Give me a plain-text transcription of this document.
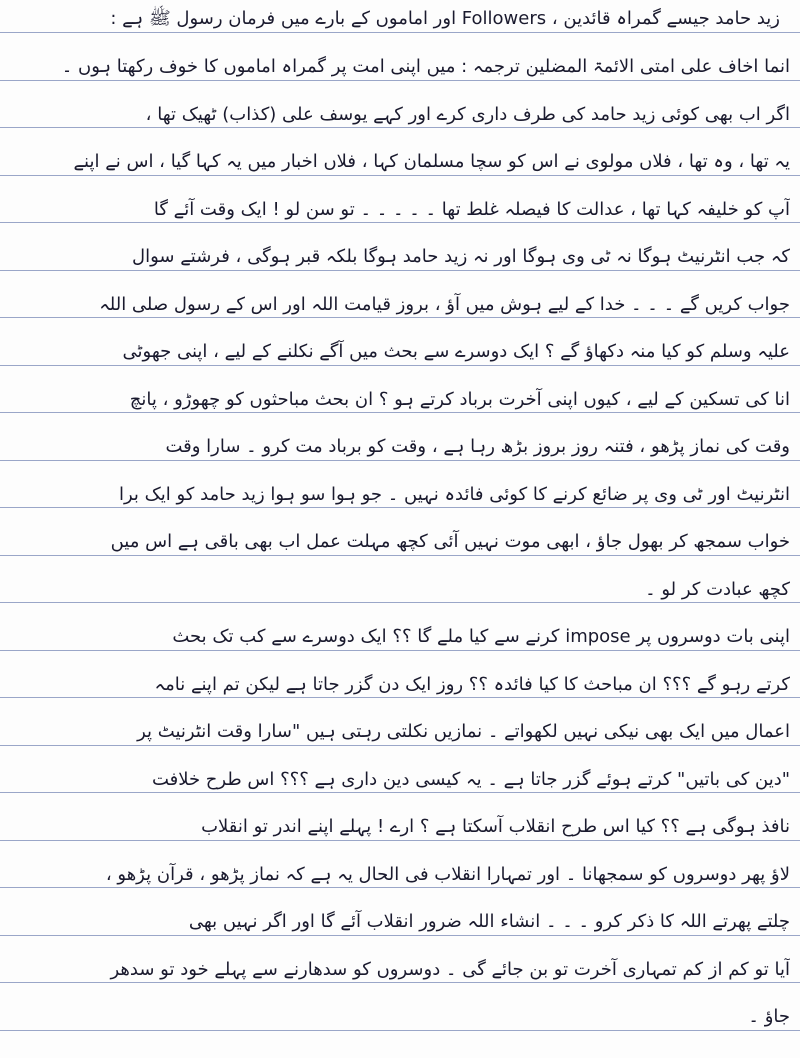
زید حامد جیسے گمراہ قائدین ، Followers اور اماموں کے بارے میں فرمان رسول ﷺ ہے :
انما اخاف علی امتی الائمۃ المضلین ترجمہ : میں اپنی امت پر گمراہ اماموں کا خوف رکھتا ہوں ۔
اگر اب بھی کوئی زید حامد کی طرف داری کرے اور کہے یوسف علی (کذاب) ٹھیک تھا ،
یہ تھا ، وہ تھا ، فلاں مولوی نے اس کو سچا مسلمان کہا ، فلاں اخبار میں یہ کہا گیا ، اس نے اپنے
آپ کو خلیفہ کہا تھا ، عدالت کا فیصلہ غلط تھا ۔ ۔ ۔ ۔ ۔ تو سن لو ! ایک وقت آئے گا
کہ جب انٹرنیٹ ہوگا نہ ٹی وی ہوگا اور نہ زید حامد ہوگا بلکہ قبر ہوگی ، فرشتے سوال
جواب کریں گے ۔ ۔ ۔ خدا کے لیے ہوش میں آؤ ، بروز قیامت اللہ اور اس کے رسول صلی اللہ
علیہ وسلم کو کیا منہ دکھاؤ گے ؟ ایک دوسرے سے بحث میں آگے نکلنے کے لیے ، اپنی جھوٹی
انا کی تسکین کے لیے ، کیوں اپنی آخرت برباد کرتے ہو ؟ ان بحث مباحثوں کو چھوڑو ، پانچ
وقت کی نماز پڑھو ، فتنہ روز بروز بڑھ رہا ہے ، وقت کو برباد مت کرو ۔ سارا وقت
انٹرنیٹ اور ٹی وی پر ضائع کرنے کا کوئی فائدہ نہیں ۔ جو ہوا سو ہوا زید حامد کو ایک برا
خواب سمجھ کر بھول جاؤ ، ابھی موت نہیں آئی کچھ مہلت عمل اب بھی باقی ہے اس میں
کچھ عبادت کر لو ۔
اپنی بات دوسروں پر impose کرنے سے کیا ملے گا ؟؟ ایک دوسرے سے کب تک بحث
کرتے رہو گے ؟؟؟ ان مباحث کا کیا فائدہ ؟؟ روز ایک دن گزر جاتا ہے لیکن تم اپنے نامہ
اعمال میں ایک بھی نیکی نہیں لکھواتے ۔ نمازیں نکلتی رہتی ہیں "سارا وقت انٹرنیٹ پر
"دین کی باتیں" کرتے ہوئے گزر جاتا ہے ۔ یہ کیسی دین داری ہے ؟؟؟ اس طرح خلافت
نافذ ہوگی ہے ؟؟ کیا اس طرح انقلاب آسکتا ہے ؟ ارے ! پہلے اپنے اندر تو انقلاب
لاؤ پھر دوسروں کو سمجھانا ۔ اور تمہارا انقلاب فی الحال یہ ہے کہ نماز پڑھو ، قرآن پڑھو ،
چلتے پھرتے اللہ کا ذکر کرو ۔ ۔ ۔ انشاء اللہ ضرور انقلاب آئے گا اور اگر نہیں بھی
آیا تو کم از کم تمہاری آخرت تو بن جائے گی ۔ دوسروں کو سدھارنے سے پہلے خود تو سدھر
جاؤ ۔
